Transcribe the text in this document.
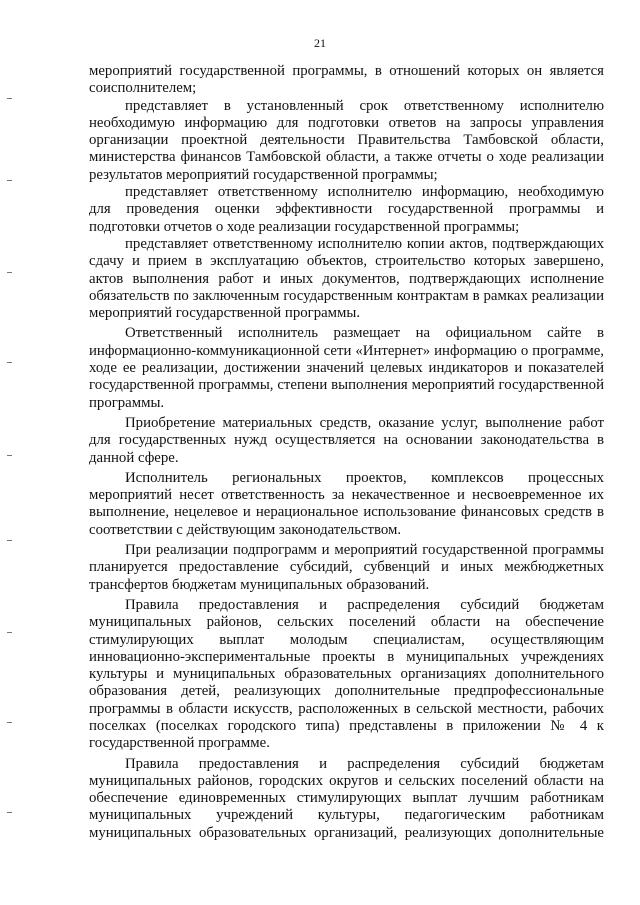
21

мероприятий государственной программы, в отношений которых он является соисполнителем;

представляет в установленный срок ответственному исполнителю необходимую информацию для подготовки ответов на запросы управления организации проектной деятельности Правительства Тамбовской области, министерства финансов Тамбовской области, а также отчеты о ходе реализации результатов мероприятий государственной программы;

представляет ответственному исполнителю информацию, необходимую для проведения оценки эффективности государственной программы и подготовки отчетов о ходе реализации государственной программы;

представляет ответственному исполнителю копии актов, подтверждающих сдачу и прием в эксплуатацию объектов, строительство которых завершено, актов выполнения работ и иных документов, подтверждающих исполнение обязательств по заключенным государственным контрактам в рамках реализации мероприятий государственной программы.

Ответственный исполнитель размещает на официальном сайте в информационно-коммуникационной сети «Интернет» информацию о программе, ходе ее реализации, достижении значений целевых индикаторов и показателей государственной программы, степени выполнения мероприятий государственной программы.

Приобретение материальных средств, оказание услуг, выполнение работ для государственных нужд осуществляется на основании законодательства в данной сфере.

Исполнитель региональных проектов, комплексов процессных мероприятий несет ответственность за некачественное и несвоевременное их выполнение, нецелевое и нерациональное использование финансовых средств в соответствии с действующим законодательством.

При реализации подпрограмм и мероприятий государственной программы планируется предоставление субсидий, субвенций и иных межбюджетных трансфертов бюджетам муниципальных образований.

Правила предоставления и распределения субсидий бюджетам муниципальных районов, сельских поселений области на обеспечение стимулирующих выплат молодым специалистам, осуществляющим инновационно-экспериментальные проекты в муниципальных учреждениях культуры и муниципальных образовательных организациях дополнительного образования детей, реализующих дополнительные предпрофессиональные программы в области искусств, расположенных в сельской местности, рабочих поселках (поселках городского типа) представлены в приложении № 4 к государственной программе.

Правила предоставления и распределения субсидий бюджетам муниципальных районов, городских округов и сельских поселений области на обеспечение единовременных стимулирующих выплат лучшим работникам муниципальных учреждений культуры, педагогическим работникам муниципальных образовательных организаций, реализующих дополнительные
